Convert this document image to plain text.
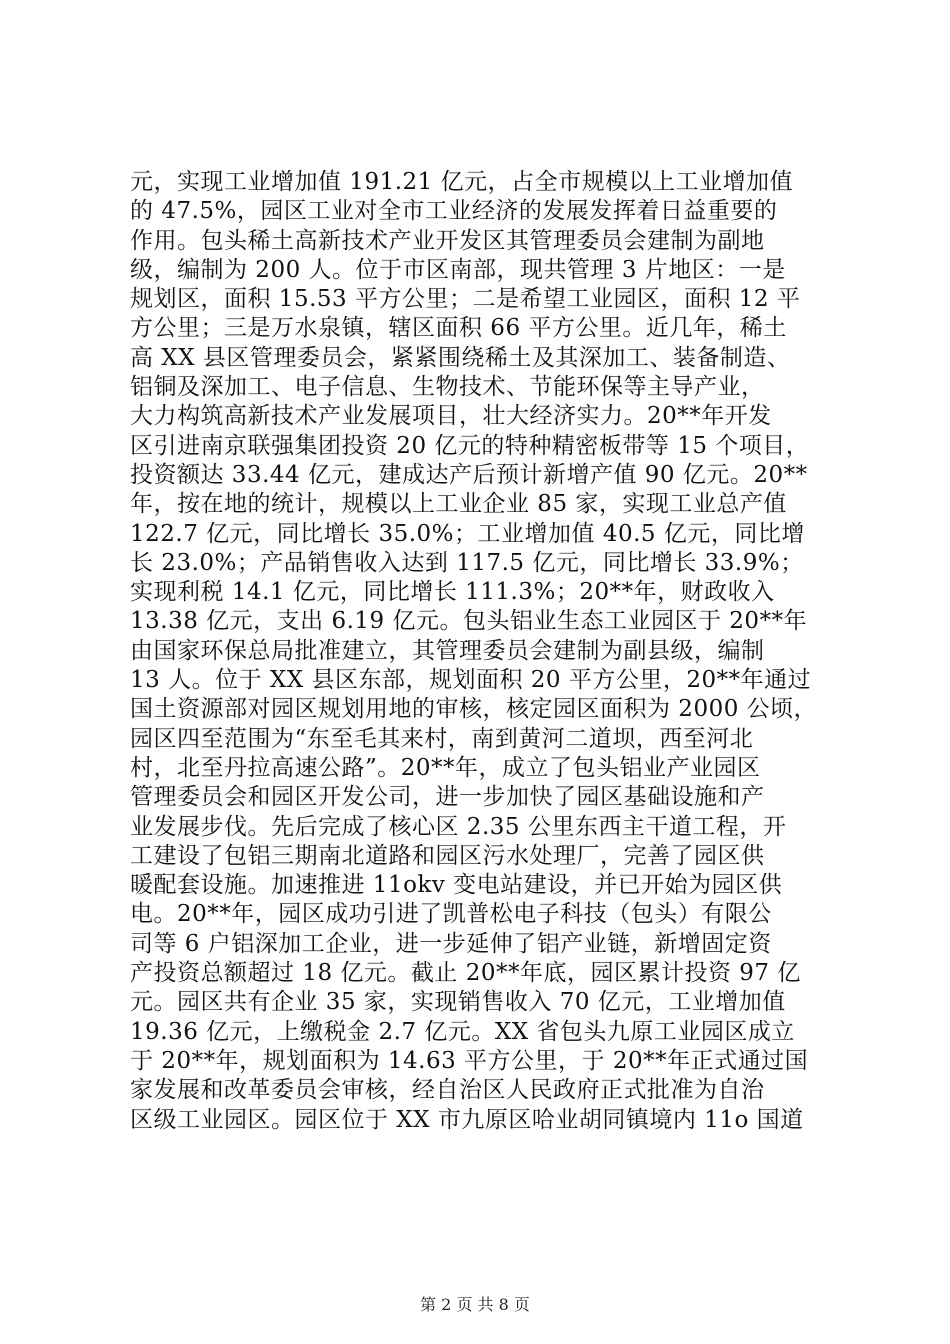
元，实现工业增加值 191.21 亿元，占全市规模以上工业增加值
的 47.5%，园区工业对全市工业经济的发展发挥着日益重要的
作用。包头稀土高新技术产业开发区其管理委员会建制为副地
级，编制为 200 人。位于市区南部，现共管理 3 片地区：一是
规划区，面积 15.53 平方公里；二是希望工业园区，面积 12 平
方公里；三是万水泉镇，辖区面积 66 平方公里。近几年，稀土
高 XX 县区管理委员会，紧紧围绕稀土及其深加工、装备制造、
铝铜及深加工、电子信息、生物技术、节能环保等主导产业，
大力构筑高新技术产业发展项目，壮大经济实力。20**年开发
区引进南京联强集团投资 20 亿元的特种精密板带等 15 个项目，
投资额达 33.44 亿元，建成达产后预计新增产值 90 亿元。20**
年，按在地的统计，规模以上工业企业 85 家，实现工业总产值
122.7 亿元，同比增长 35.0%；工业增加值 40.5 亿元，同比增
长 23.0%；产品销售收入达到 117.5 亿元，同比增长 33.9%；
实现利税 14.1 亿元，同比增长 111.3%；20**年，财政收入
13.38 亿元，支出 6.19 亿元。包头铝业生态工业园区于 20**年
由国家环保总局批准建立，其管理委员会建制为副县级，编制
13 人。位于 XX 县区东部，规划面积 20 平方公里，20**年通过
国土资源部对园区规划用地的审核，核定园区面积为 2000 公顷，
园区四至范围为“东至毛其来村，南到黄河二道坝，西至河北
村，北至丹拉高速公路”。20**年，成立了包头铝业产业园区
管理委员会和园区开发公司，进一步加快了园区基础设施和产
业发展步伐。先后完成了核心区 2.35 公里东西主干道工程，开
工建设了包铝三期南北道路和园区污水处理厂，完善了园区供
暖配套设施。加速推进 11okv 变电站建设，并已开始为园区供
电。20**年，园区成功引进了凯普松电子科技（包头）有限公
司等 6 户铝深加工企业，进一步延伸了铝产业链，新增固定资
产投资总额超过 18 亿元。截止 20**年底，园区累计投资 97 亿
元。园区共有企业 35 家，实现销售收入 70 亿元，工业增加值
19.36 亿元，上缴税金 2.7 亿元。XX 省包头九原工业园区成立
于 20**年，规划面积为 14.63 平方公里，于 20**年正式通过国
家发展和改革委员会审核，经自治区人民政府正式批准为自治
区级工业园区。园区位于 XX 市九原区哈业胡同镇境内 11o 国道
第 2 页 共 8 页
